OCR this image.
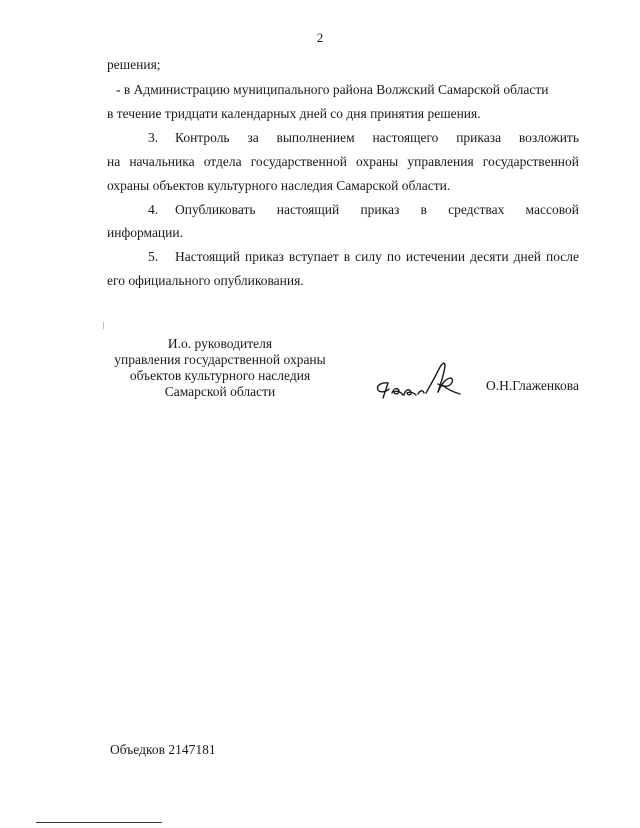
2
решения;
- в Администрацию муниципального района Волжский Самарской области
в течение тридцати календарных дней со дня принятия решения.
3. Контроль за выполнением настоящего приказа возложить
на начальника отдела государственной охраны управления государственной
охраны объектов культурного наследия Самарской области.
4. Опубликовать настоящий приказ в средствах массовой
информации.
5. Настоящий приказ вступает в силу по истечении десяти дней после
его официального опубликования.
И.о. руководителя
управления государственной охраны
объектов культурного наследия
Самарской области	О.Н.Глаженкова
Объедков 2147181
